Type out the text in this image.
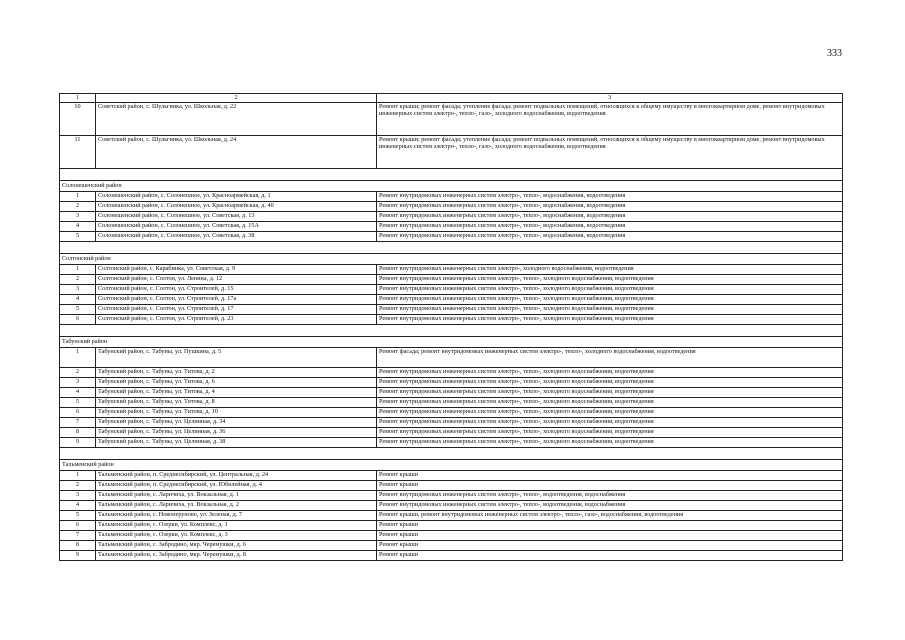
333
1	2	3
10	Советский район, с. Шульгинка, ул. Школьная, д. 22	Ремонт крыши; ремонт фасада; утепление фасада; ремонт подвальных помещений, относящихся к общему имуществу в многоквартирном доме, ремонт внутридомовых инженерных систем электро-, тепло-, газо-, холодного водоснабжения, водоотведения
11	Советский район, с. Шульгинка, ул. Школьная, д. 24	Ремонт крыши; ремонт фасада; утепление фасада; ремонт подвальных помещений, относящихся к общему имуществу в многоквартирном доме, ремонт внутридомовых инженерных систем электро-, тепло-, газо-, холодного водоснабжения, водоотведения

Солонешенский район		
1	Солонешенский район, с. Солонешное, ул. Красноармейская, д. 1	Ремонт внутридомовых инженерных систем электро-, тепло-, водоснабжения, водоотведения
2	Солонешенский район, с. Солонешное, ул. Красноармейская, д. 40	Ремонт внутридомовых инженерных систем электро-, тепло-, водоснабжения, водоотведения
3	Солонешенский район, с. Солонешное, ул. Советская, д. 13	Ремонт внутридомовых инженерных систем электро-, тепло-, водоснабжения, водоотведения
4	Солонешенский район, с. Солонешное, ул. Советская, д. 15А	Ремонт внутридомовых инженерных систем электро-, тепло-, водоснабжения, водоотведения
5	Солонешенский район, с. Солонешное, ул. Советская, д. 38	Ремонт внутридомовых инженерных систем электро-, тепло-, водоснабжения, водоотведения

Солтонский район		
1	Солтонский район, с. Карабинка, ул. Советская, д. 9	Ремонт внутридомовых инженерных систем электро-, холодного водоснабжения, водоотведения
2	Солтонский район, с. Солтон, ул. Ленина, д. 12	Ремонт внутридомовых инженерных систем электро-, тепло-, холодного водоснабжения, водоотведения
3	Солтонский район, с. Солтон, ул. Строителей, д. 15	Ремонт внутридомовых инженерных систем электро-, тепло-, холодного водоснабжения, водоотведения
4	Солтонский район, с. Солтон, ул. Строителей, д. 17а	Ремонт внутридомовых инженерных систем электро-, тепло-, холодного водоснабжения, водоотведения
5	Солтонский район, с. Солтон, ул. Строителей, д. 17	Ремонт внутридомовых инженерных систем электро-, тепло-, холодного водоснабжения, водоотведения
6	Солтонский район, с. Солтон, ул. Строителей, д. 23	Ремонт внутридомовых инженерных систем электро-, тепло-, холодного водоснабжения, водоотведения

Табунский район		
1	Табунский район, с. Табуны, ул. Пушкина, д. 5	Ремонт фасада; ремонт внутридомовых инженерных систем электро-, тепло-, холодного водоснабжения, водоотведения
2	Табунский район, с. Табуны, ул. Титова, д. 2	Ремонт внутридомовых инженерных систем электро-, тепло-, холодного водоснабжения, водоотведения
3	Табунский район, с. Табуны, ул. Титова, д. 6	Ремонт внутридомовых инженерных систем электро-, тепло-, холодного водоснабжения, водоотведения
4	Табунский район, с. Табуны, ул. Титова, д. 4	Ремонт внутридомовых инженерных систем электро-, тепло-, холодного водоснабжения, водоотведения
5	Табунский район, с. Табуны, ул. Титова, д. 8	Ремонт внутридомовых инженерных систем электро-, тепло-, холодного водоснабжения, водоотведения
6	Табунский район, с. Табуны, ул. Титова, д. 10	Ремонт внутридомовых инженерных систем электро-, тепло-, холодного водоснабжения, водоотведения
7	Табунский район, с. Табуны, ул. Целинная, д. 34	Ремонт внутридомовых инженерных систем электро-, тепло-, холодного водоснабжения, водоотведения
8	Табунский район, с. Табуны, ул. Целинная, д. 36	Ремонт внутридомовых инженерных систем электро-, тепло-, холодного водоснабжения, водоотведения
9	Табунский район, с. Табуны, ул. Целинная, д. 38	Ремонт внутридомовых инженерных систем электро-, тепло-, холодного водоснабжения, водоотведения

Тальменский район		
1	Тальменский район, п. Среднесибирский, ул. Центральная, д. 24	Ремонт крыши
2	Тальменский район, п. Среднесибирский, ул. Юбилейная, д. 4	Ремонт крыши
3	Тальменский район, с. Ларичиха, ул. Вокзальная, д. 1	Ремонт внутридомовых инженерных систем электро-, тепло-, водоотведения, водоснабжения
4	Тальменский район, с. Ларичиха, ул. Вокзальная, д. 2	Ремонт внутридомовых инженерных систем электро-, тепло-, водоотведения, водоснабжения
5	Тальменский район, с. Новоперуново, ул. Зеленая, д. 7	Ремонт крыши, ремонт внутридомовых инженерных систем электро-, тепло-, газо-, водоснабжения, водоотведения
6	Тальменский район, с. Озерки, ул. Комплекс, д. 1	Ремонт крыши
7	Тальменский район, с. Озерки, ул. Комплекс, д. 3	Ремонт крыши
8	Тальменский район, с. Забродино, мкр. Черемушки, д. 6	Ремонт крыши
9	Тальменский район, с. Забродино, мкр. Черемушки, д. 8	Ремонт крыши
